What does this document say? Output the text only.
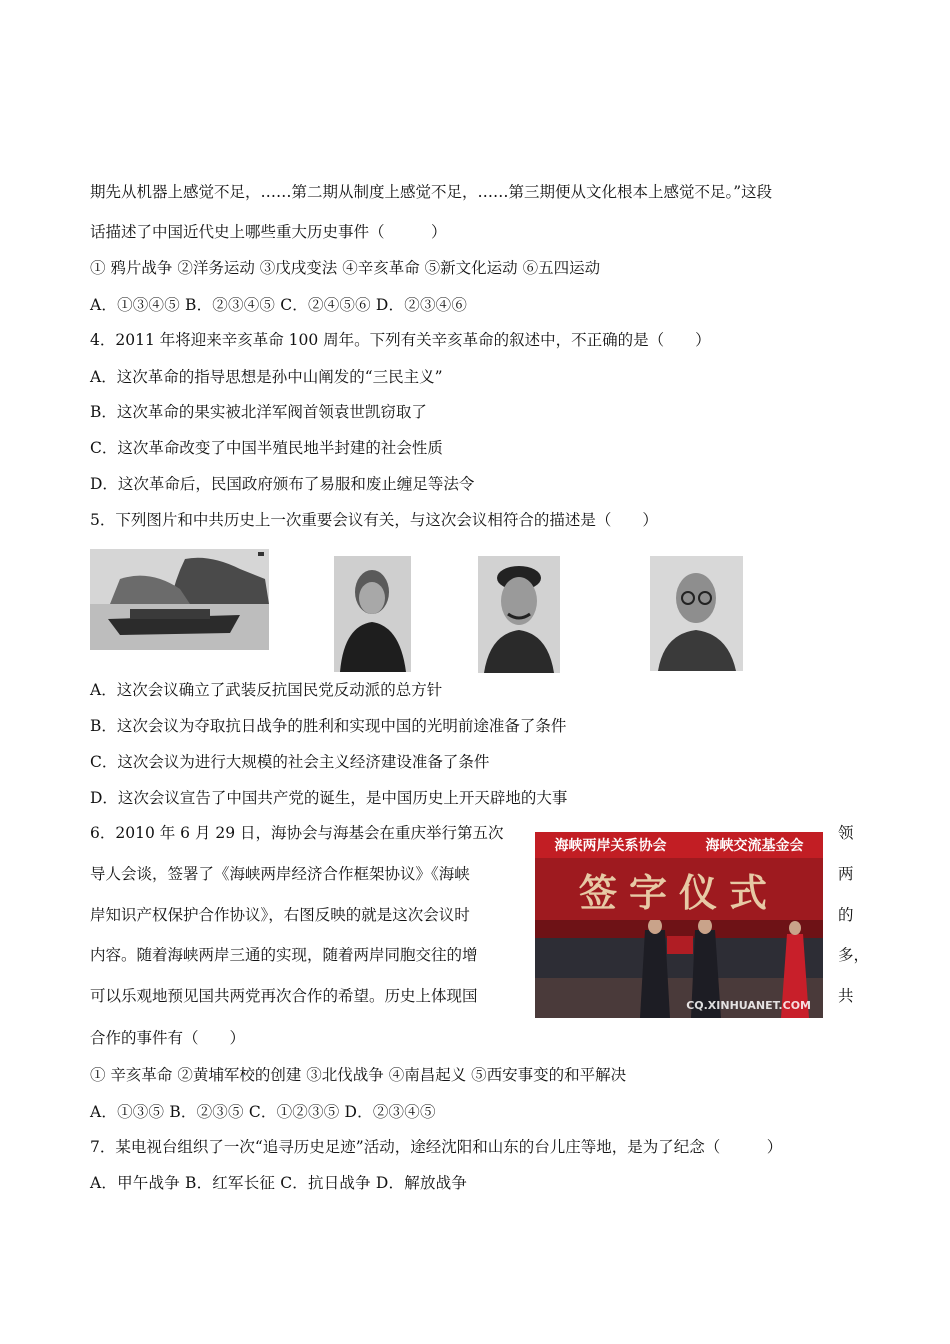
期先从机器上感觉不足，……第二期从制度上感觉不足，……第三期便从文化根本上感觉不足。”这段
话描述了中国近代史上哪些重大历史事件（　　　）
① 鸦片战争 ②洋务运动 ③戊戌变法 ④辛亥革命 ⑤新文化运动 ⑥五四运动
A．①③④⑤ B．②③④⑤ C．②④⑤⑥ D．②③④⑥
4．2011 年将迎来辛亥革命 100 周年。下列有关辛亥革命的叙述中，不正确的是（　　）
A．这次革命的指导思想是孙中山阐发的“三民主义”
B．这次革命的果实被北洋军阀首领袁世凯窃取了
C．这次革命改变了中国半殖民地半封建的社会性质
D．这次革命后，民国政府颁布了易服和废止缠足等法令
5．下列图片和中共历史上一次重要会议有关，与这次会议相符合的描述是（　　）
A．这次会议确立了武装反抗国民党反动派的总方针
B．这次会议为夺取抗日战争的胜利和实现中国的光明前途准备了条件
C．这次会议为进行大规模的社会主义经济建设准备了条件
D．这次会议宣告了中国共产党的诞生，是中国历史上开天辟地的大事
6．2010 年 6 月 29 日，海协会与海基会在重庆举行第五次	领
导人会谈，签署了《海峡两岸经济合作框架协议》《海峡	两
岸知识产权保护合作协议》，右图反映的就是这次会议时	的
内容。随着海峡两岸三通的实现，随着两岸同胞交往的增	多，
可以乐观地预见国共两党再次合作的希望。历史上体现国	共
合作的事件有（　　）
海峡两岸关系协会	海峡交流基金会
签字仪式
CQ.XINHUANET.COM
① 辛亥革命 ②黄埔军校的创建 ③北伐战争 ④南昌起义 ⑤西安事变的和平解决
A．①③⑤ B．②③⑤ C．①②③⑤ D．②③④⑤
7．某电视台组织了一次“追寻历史足迹”活动，途经沈阳和山东的台儿庄等地，是为了纪念（　　　）
A．甲午战争 B．红军长征 C．抗日战争 D．解放战争
